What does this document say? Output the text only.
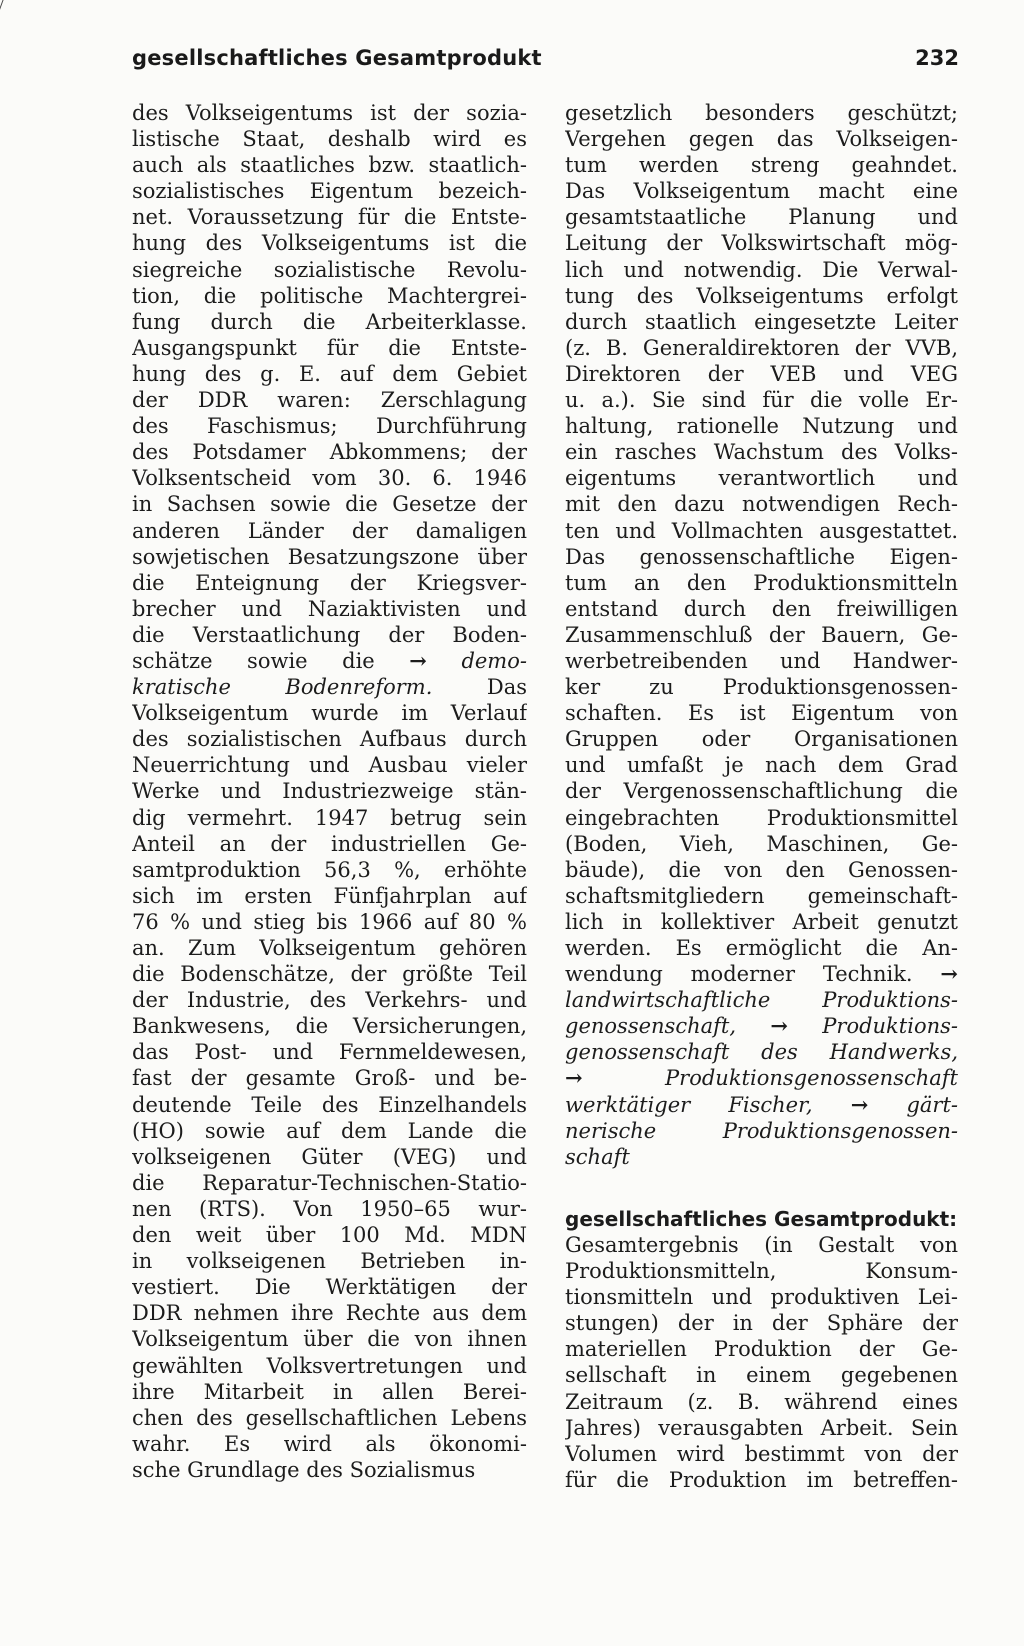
gesellschaftliches Gesamtprodukt	232
des Volkseigentums ist der sozia-
listische Staat, deshalb wird es
auch als staatliches bzw. staatlich-
sozialistisches Eigentum bezeich-
net. Voraussetzung für die Entste-
hung des Volkseigentums ist die
siegreiche sozialistische Revolu-
tion, die politische Machtergrei-
fung durch die Arbeiterklasse.
Ausgangspunkt für die Entste-
hung des g. E. auf dem Gebiet
der DDR waren: Zerschlagung
des Faschismus; Durchführung
des Potsdamer Abkommens; der
Volksentscheid vom 30. 6. 1946
in Sachsen sowie die Gesetze der
anderen Länder der damaligen
sowjetischen Besatzungszone über
die Enteignung der Kriegsver-
brecher und Naziaktivisten und
die Verstaatlichung der Boden-
schätze sowie die → demo-
kratische Bodenreform. Das
Volkseigentum wurde im Verlauf
des sozialistischen Aufbaus durch
Neuerrichtung und Ausbau vieler
Werke und Industriezweige stän-
dig vermehrt. 1947 betrug sein
Anteil an der industriellen Ge-
samtproduktion 56,3 %, erhöhte
sich im ersten Fünfjahrplan auf
76 % und stieg bis 1966 auf 80 %
an. Zum Volkseigentum gehören
die Bodenschätze, der größte Teil
der Industrie, des Verkehrs- und
Bankwesens, die Versicherungen,
das Post- und Fernmeldewesen,
fast der gesamte Groß- und be-
deutende Teile des Einzelhandels
(HO) sowie auf dem Lande die
volkseigenen Güter (VEG) und
die Reparatur-Technischen-Statio-
nen (RTS). Von 1950–65 wur-
den weit über 100 Md. MDN
in volkseigenen Betrieben in-
vestiert. Die Werktätigen der
DDR nehmen ihre Rechte aus dem
Volkseigentum über die von ihnen
gewählten Volksvertretungen und
ihre Mitarbeit in allen Berei-
chen des gesellschaftlichen Lebens
wahr. Es wird als ökonomi-
sche Grundlage des Sozialismus
gesetzlich besonders geschützt;
Vergehen gegen das Volkseigen-
tum werden streng geahndet.
Das Volkseigentum macht eine
gesamtstaatliche Planung und
Leitung der Volkswirtschaft mög-
lich und notwendig. Die Verwal-
tung des Volkseigentums erfolgt
durch staatlich eingesetzte Leiter
(z. B. Generaldirektoren der VVB,
Direktoren der VEB und VEG
u. a.). Sie sind für die volle Er-
haltung, rationelle Nutzung und
ein rasches Wachstum des Volks-
eigentums verantwortlich und
mit den dazu notwendigen Rech-
ten und Vollmachten ausgestattet.
Das genossenschaftliche Eigen-
tum an den Produktionsmitteln
entstand durch den freiwilligen
Zusammenschluß der Bauern, Ge-
werbetreibenden und Handwer-
ker zu Produktionsgenossen-
schaften. Es ist Eigentum von
Gruppen oder Organisationen
und umfaßt je nach dem Grad
der Vergenossenschaftlichung die
eingebrachten Produktionsmittel
(Boden, Vieh, Maschinen, Ge-
bäude), die von den Genossen-
schaftsmitgliedern gemeinschaft-
lich in kollektiver Arbeit genutzt
werden. Es ermöglicht die An-
wendung moderner Technik. →
landwirtschaftliche Produktions-
genossenschaft, → Produktions-
genossenschaft des Handwerks,
→ Produktionsgenossenschaft
werktätiger Fischer, → gärt-
nerische Produktionsgenossen-
schaft
gesellschaftliches Gesamtprodukt:
Gesamtergebnis (in Gestalt von
Produktionsmitteln, Konsum-
tionsmitteln und produktiven Lei-
stungen) der in der Sphäre der
materiellen Produktion der Ge-
sellschaft in einem gegebenen
Zeitraum (z. B. während eines
Jahres) verausgabten Arbeit. Sein
Volumen wird bestimmt von der
für die Produktion im betreffen-
